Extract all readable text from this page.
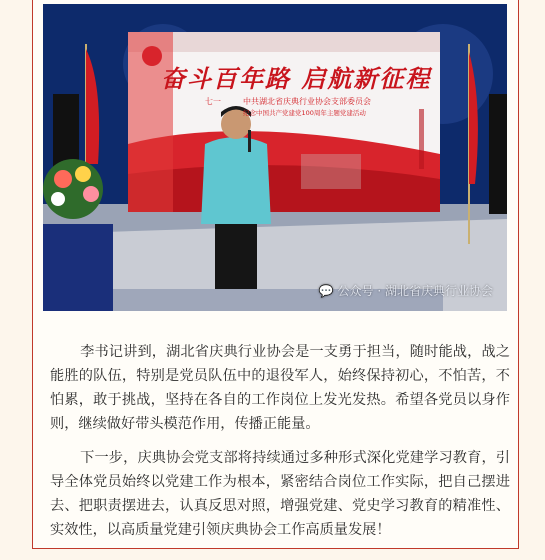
奋斗百年路 启航新征程
中共湖北省庆典行业协会支部委员会
纪念中国共产党建党100周年主题党建活动
七一
💬 公众号 · 湖北省庆典行业协会
李书记讲到，湖北省庆典行业协会是一支勇于担当，随时能战，战之能胜的队伍，特别是党员队伍中的退役军人，始终保持初心，不怕苦，不怕累，敢于挑战，坚持在各自的工作岗位上发光发热。希望各党员以身作则，继续做好带头模范作用，传播正能量。
下一步，庆典协会党支部将持续通过多种形式深化党建学习教育，引导全体党员始终以党建工作为根本，紧密结合岗位工作实际，把自己摆进去、把职责摆进去，认真反思对照，增强党建、党史学习教育的精准性、实效性，以高质量党建引领庆典协会工作高质量发展！
